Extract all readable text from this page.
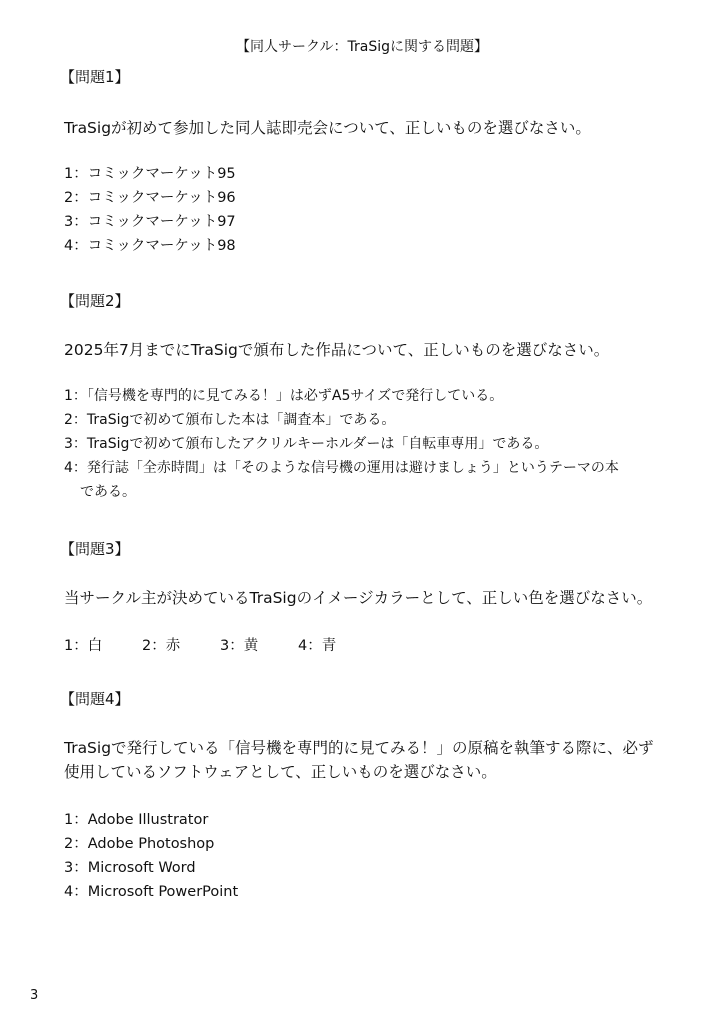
【同人サークル：TraSigに関する問題】
【問題1】
TraSigが初めて参加した同人誌即売会について、正しいものを選びなさい。
1：コミックマーケット95
2：コミックマーケット96
3：コミックマーケット97
4：コミックマーケット98
【問題2】
2025年7月までにTraSigで頒布した作品について、正しいものを選びなさい。
1：「信号機を専門的に見てみる！」は必ずA5サイズで発行している。
2：TraSigで初めて頒布した本は「調査本」である。
3：TraSigで初めて頒布したアクリルキーホルダーは「自転車専用」である。
4：発行誌「全赤時間」は「そのような信号機の運用は避けましょう」というテーマの本
である。
【問題3】
当サークル主が決めているTraSigのイメージカラーとして、正しい色を選びなさい。
1：白	2：赤	3：黄	4：青
【問題4】
TraSigで発行している「信号機を専門的に見てみる！」の原稿を執筆する際に、必ず
使用しているソフトウェアとして、正しいものを選びなさい。
1：Adobe Illustrator
2：Adobe Photoshop
3：Microsoft Word
4：Microsoft PowerPoint
3
